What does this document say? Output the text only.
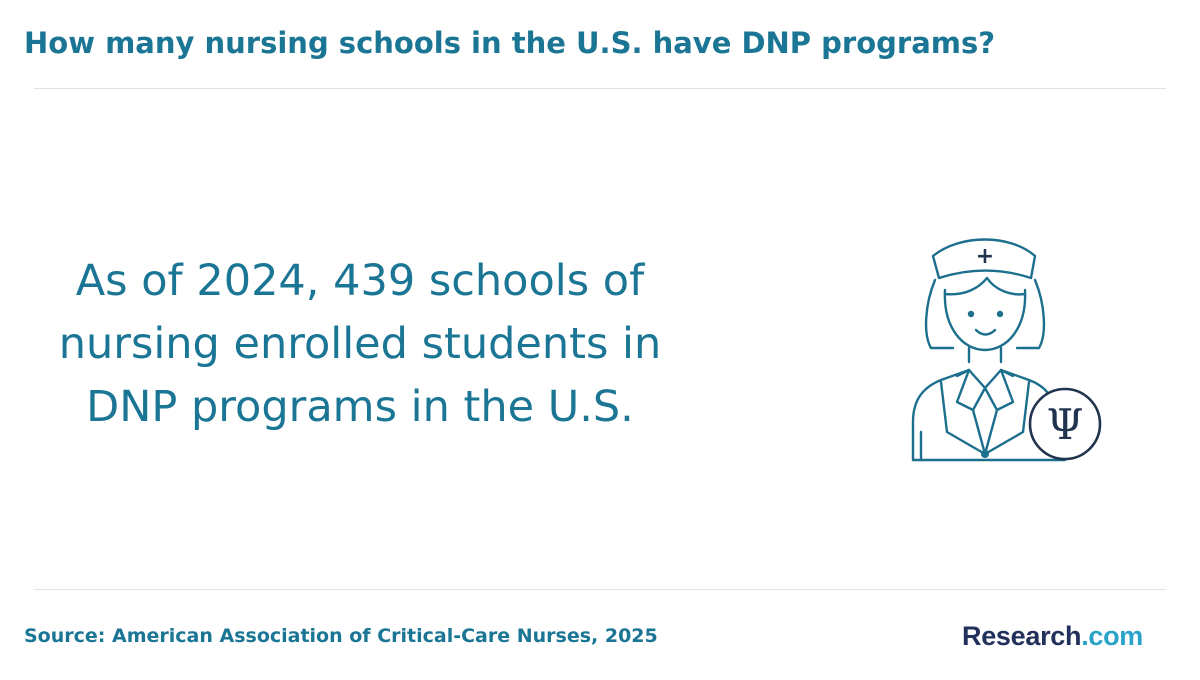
How many nursing schools in the U.S. have DNP programs?

As of 2024, 439 schools of
nursing enrolled students in
DNP programs in the U.S.

+
Ψ
Source: American Association of Critical-Care Nurses, 2025	Research.com
